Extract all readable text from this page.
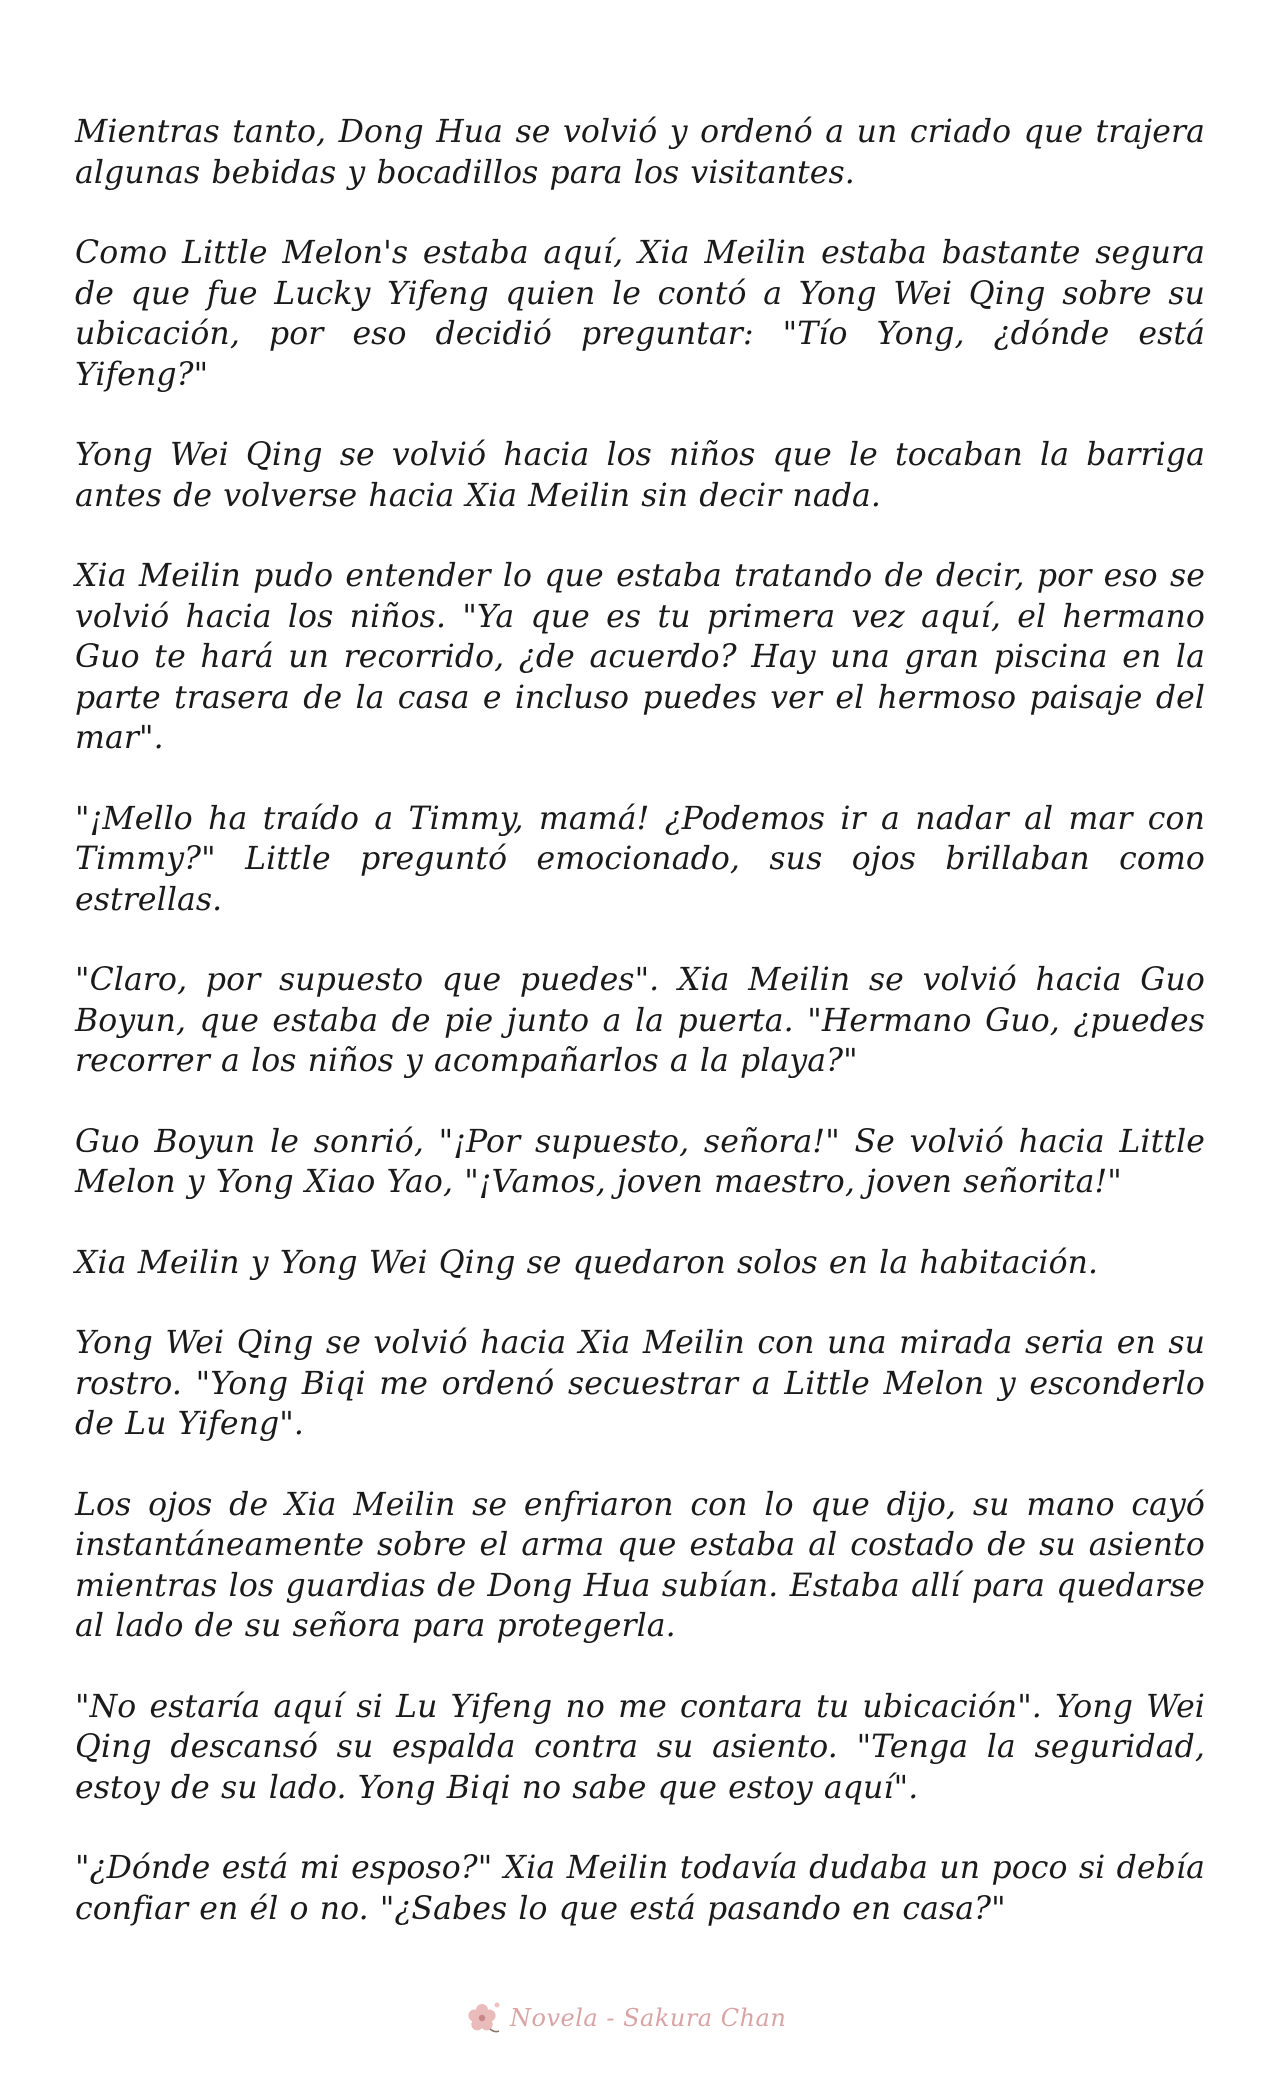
Mientras tanto, Dong Hua se volvió y ordenó a un criado que trajera algunas bebidas y bocadillos para los visitantes.

Como Little Melon's estaba aquí, Xia Meilin estaba bastante segura de que fue Lucky Yifeng quien le contó a Yong Wei Qing sobre su ubicación, por eso decidió preguntar: "Tío Yong, ¿dónde está Yifeng?"

Yong Wei Qing se volvió hacia los niños que le tocaban la barriga antes de volverse hacia Xia Meilin sin decir nada.

Xia Meilin pudo entender lo que estaba tratando de decir, por eso se volvió hacia los niños. "Ya que es tu primera vez aquí, el hermano Guo te hará un recorrido, ¿de acuerdo? Hay una gran piscina en la parte trasera de la casa e incluso puedes ver el hermoso paisaje del mar".

"¡Mello ha traído a Timmy, mamá! ¿Podemos ir a nadar al mar con Timmy?" Little preguntó emocionado, sus ojos brillaban como estrellas.

"Claro, por supuesto que puedes". Xia Meilin se volvió hacia Guo Boyun, que estaba de pie junto a la puerta. "Hermano Guo, ¿puedes recorrer a los niños y acompañarlos a la playa?"

Guo Boyun le sonrió, "¡Por supuesto, señora!" Se volvió hacia Little Melon y Yong Xiao Yao, "¡Vamos, joven maestro, joven señorita!"

Xia Meilin y Yong Wei Qing se quedaron solos en la habitación.

Yong Wei Qing se volvió hacia Xia Meilin con una mirada seria en su rostro. "Yong Biqi me ordenó secuestrar a Little Melon y esconderlo de Lu Yifeng".

Los ojos de Xia Meilin se enfriaron con lo que dijo, su mano cayó instantáneamente sobre el arma que estaba al costado de su asiento mientras los guardias de Dong Hua subían. Estaba allí para quedarse al lado de su señora para protegerla.

"No estaría aquí si Lu Yifeng no me contara tu ubicación". Yong Wei Qing descansó su espalda contra su asiento. "Tenga la seguridad, estoy de su lado. Yong Biqi no sabe que estoy aquí".

"¿Dónde está mi esposo?" Xia Meilin todavía dudaba un poco si debía confiar en él o no. "¿Sabes lo que está pasando en casa?"

Novela - Sakura Chan
